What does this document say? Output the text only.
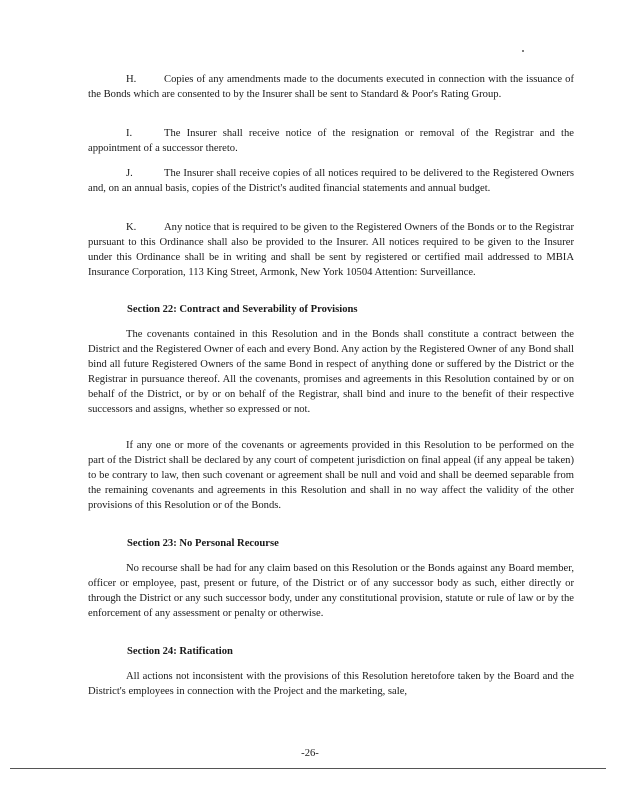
H.	Copies of any amendments made to the documents executed in connection with the issuance of the Bonds which are consented to by the Insurer shall be sent to Standard & Poor's Rating Group.

I.	The Insurer shall receive notice of the resignation or removal of the Registrar and the appointment of a successor thereto.

J.	The Insurer shall receive copies of all notices required to be delivered to the Registered Owners and, on an annual basis, copies of the District's audited financial statements and annual budget.

K.	Any notice that is required to be given to the Registered Owners of the Bonds or to the Registrar pursuant to this Ordinance shall also be provided to the Insurer. All notices required to be given to the Insurer under this Ordinance shall be in writing and shall be sent by registered or certified mail addressed to MBIA Insurance Corporation, 113 King Street, Armonk, New York 10504 Attention: Surveillance.

Section 22: Contract and Severability of Provisions

The covenants contained in this Resolution and in the Bonds shall constitute a contract between the District and the Registered Owner of each and every Bond. Any action by the Registered Owner of any Bond shall bind all future Registered Owners of the same Bond in respect of anything done or suffered by the District or the Registrar in pursuance thereof. All the covenants, promises and agreements in this Resolution contained by or on behalf of the District, or by or on behalf of the Registrar, shall bind and inure to the benefit of their respective successors and assigns, whether so expressed or not.

If any one or more of the covenants or agreements provided in this Resolution to be performed on the part of the District shall be declared by any court of competent jurisdiction on final appeal (if any appeal be taken) to be contrary to law, then such covenant or agreement shall be null and void and shall be deemed separable from the remaining covenants and agreements in this Resolution and shall in no way affect the validity of the other provisions of this Resolution or of the Bonds.

Section 23: No Personal Recourse

No recourse shall be had for any claim based on this Resolution or the Bonds against any Board member, officer or employee, past, present or future, of the District or of any successor body as such, either directly or through the District or any such successor body, under any constitutional provision, statute or rule of law or by the enforcement of any assessment or penalty or otherwise.

Section 24: Ratification

All actions not inconsistent with the provisions of this Resolution heretofore taken by the Board and the District's employees in connection with the Project and the marketing, sale,

-26-
